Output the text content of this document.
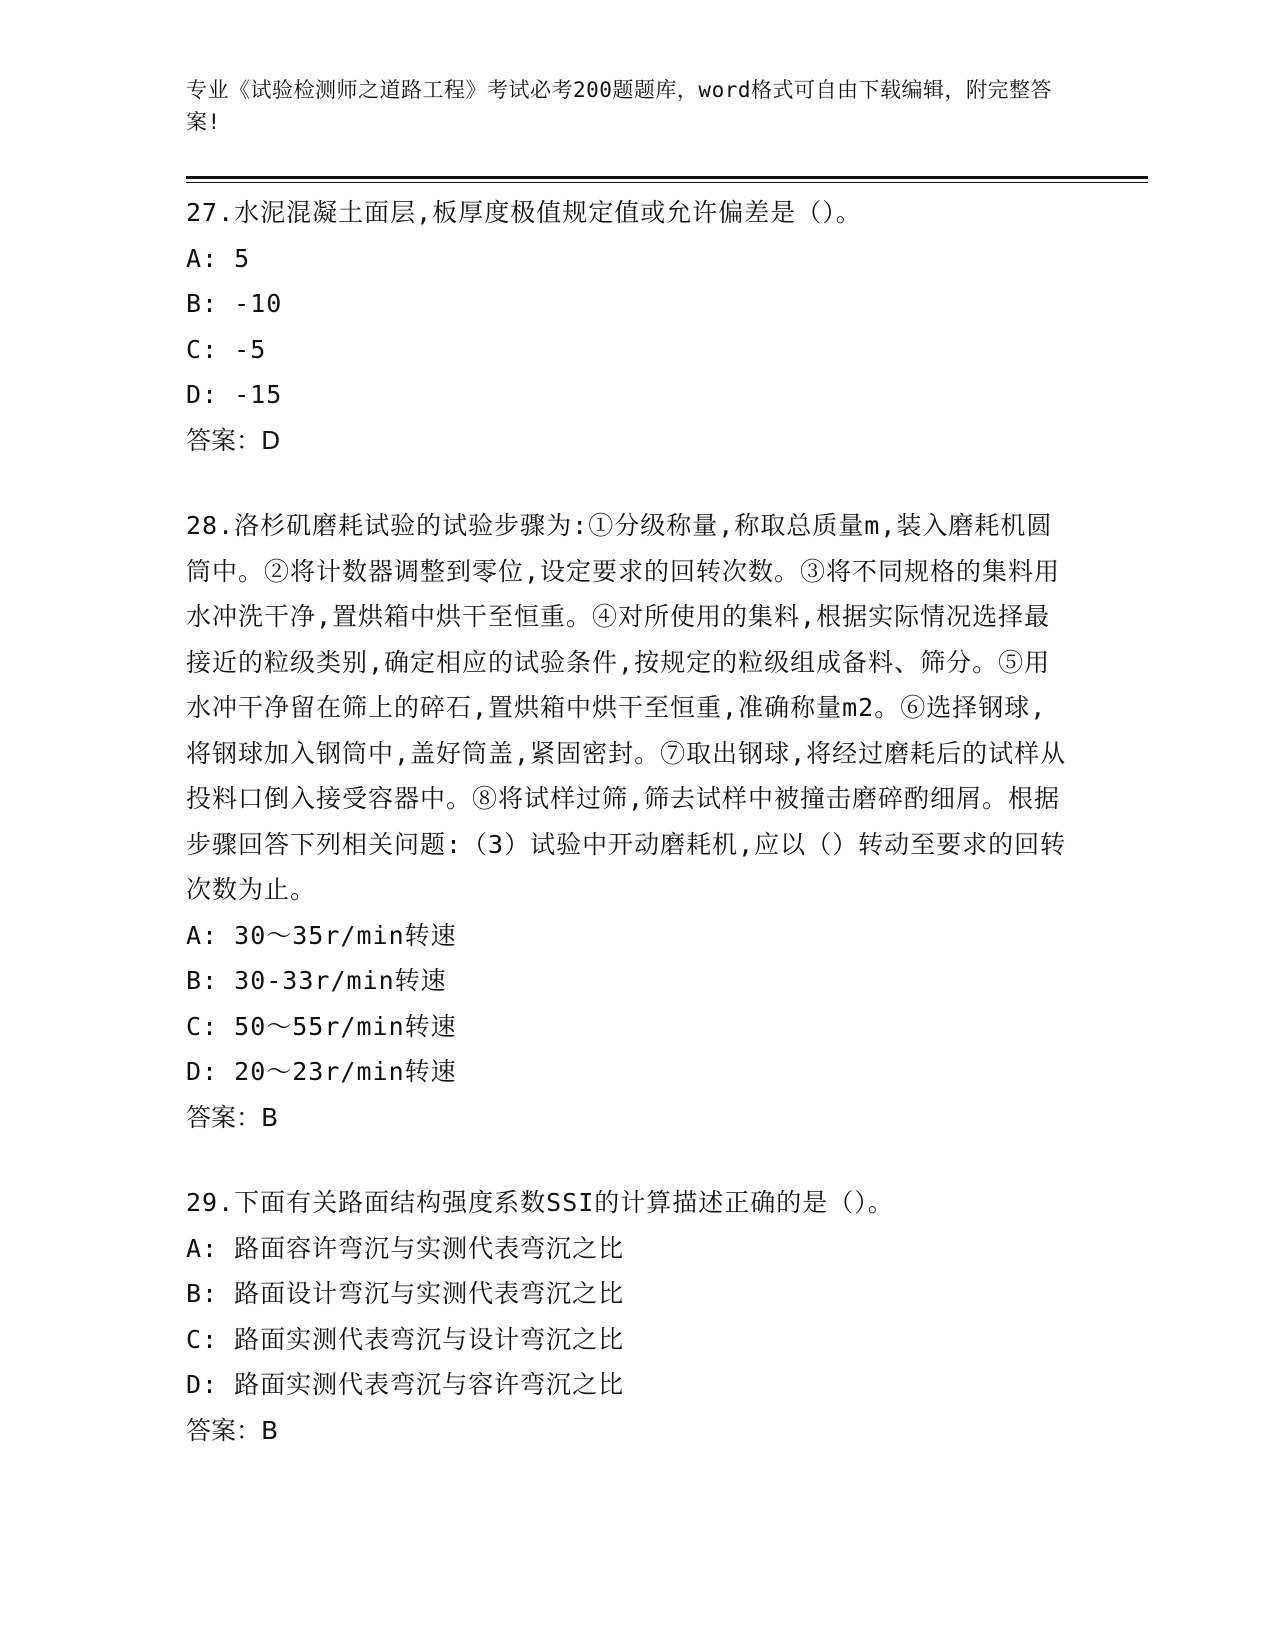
专业《试验检测师之道路工程》考试必考200题题库，word格式可自由下载编辑，附完整答案!
27.水泥混凝土面层,板厚度极值规定值或允许偏差是（）。
A: 5
B: -10
C: -5
D: -15
答案：D
28.洛杉矶磨耗试验的试验步骤为:①分级称量,称取总质量m,装入磨耗机圆筒中。②将计数器调整到零位,设定要求的回转次数。③将不同规格的集料用水冲洗干净,置烘箱中烘干至恒重。④对所使用的集料,根据实际情况选择最接近的粒级类别,确定相应的试验条件,按规定的粒级组成备料、筛分。⑤用水冲干净留在筛上的碎石,置烘箱中烘干至恒重,准确称量m2。⑥选择钢球,将钢球加入钢筒中,盖好筒盖,紧固密封。⑦取出钢球,将经过磨耗后的试样从投料口倒入接受容器中。⑧将试样过筛,筛去试样中被撞击磨碎酌细屑。根据步骤回答下列相关问题:（3）试验中开动磨耗机,应以（）转动至要求的回转次数为止。
A: 30～35r/min转速
B: 30-33r/min转速
C: 50～55r/min转速
D: 20～23r/min转速
答案：B
29.下面有关路面结构强度系数SSI的计算描述正确的是（）。
A: 路面容许弯沉与实测代表弯沉之比
B: 路面设计弯沉与实测代表弯沉之比
C: 路面实测代表弯沉与设计弯沉之比
D: 路面实测代表弯沉与容许弯沉之比
答案：B
